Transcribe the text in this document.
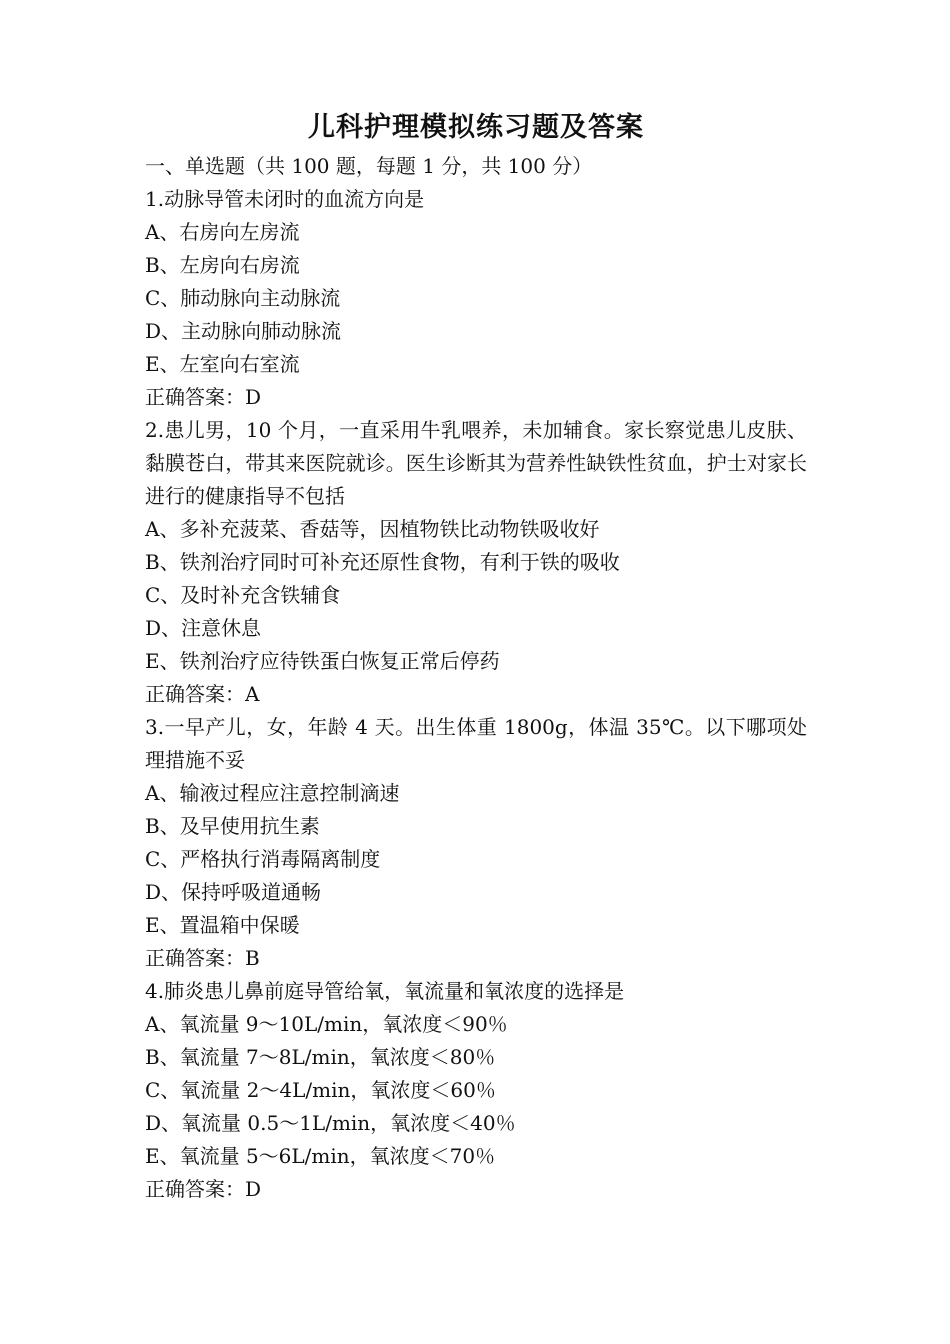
儿科护理模拟练习题及答案
一、单选题（共 100 题，每题 1 分，共 100 分）
1.动脉导管未闭时的血流方向是
A、右房向左房流
B、左房向右房流
C、肺动脉向主动脉流
D、主动脉向肺动脉流
E、左室向右室流
正确答案：D
2.患儿男，10 个月，一直采用牛乳喂养，未加辅食。家长察觉患儿皮肤、黏膜苍白，带其来医院就诊。医生诊断其为营养性缺铁性贫血，护士对家长进行的健康指导不包括
A、多补充菠菜、香菇等，因植物铁比动物铁吸收好
B、铁剂治疗同时可补充还原性食物，有利于铁的吸收
C、及时补充含铁辅食
D、注意休息
E、铁剂治疗应待铁蛋白恢复正常后停药
正确答案：A
3.一早产儿，女，年龄 4 天。出生体重 1800g，体温 35℃。以下哪项处理措施不妥
A、输液过程应注意控制滴速
B、及早使用抗生素
C、严格执行消毒隔离制度
D、保持呼吸道通畅
E、置温箱中保暖
正确答案：B
4.肺炎患儿鼻前庭导管给氧，氧流量和氧浓度的选择是
A、氧流量 9～10L/min，氧浓度＜90％
B、氧流量 7～8L/min，氧浓度＜80％
C、氧流量 2～4L/min，氧浓度＜60％
D、氧流量 0.5～1L/min，氧浓度＜40％
E、氧流量 5～6L/min，氧浓度＜70％
正确答案：D
